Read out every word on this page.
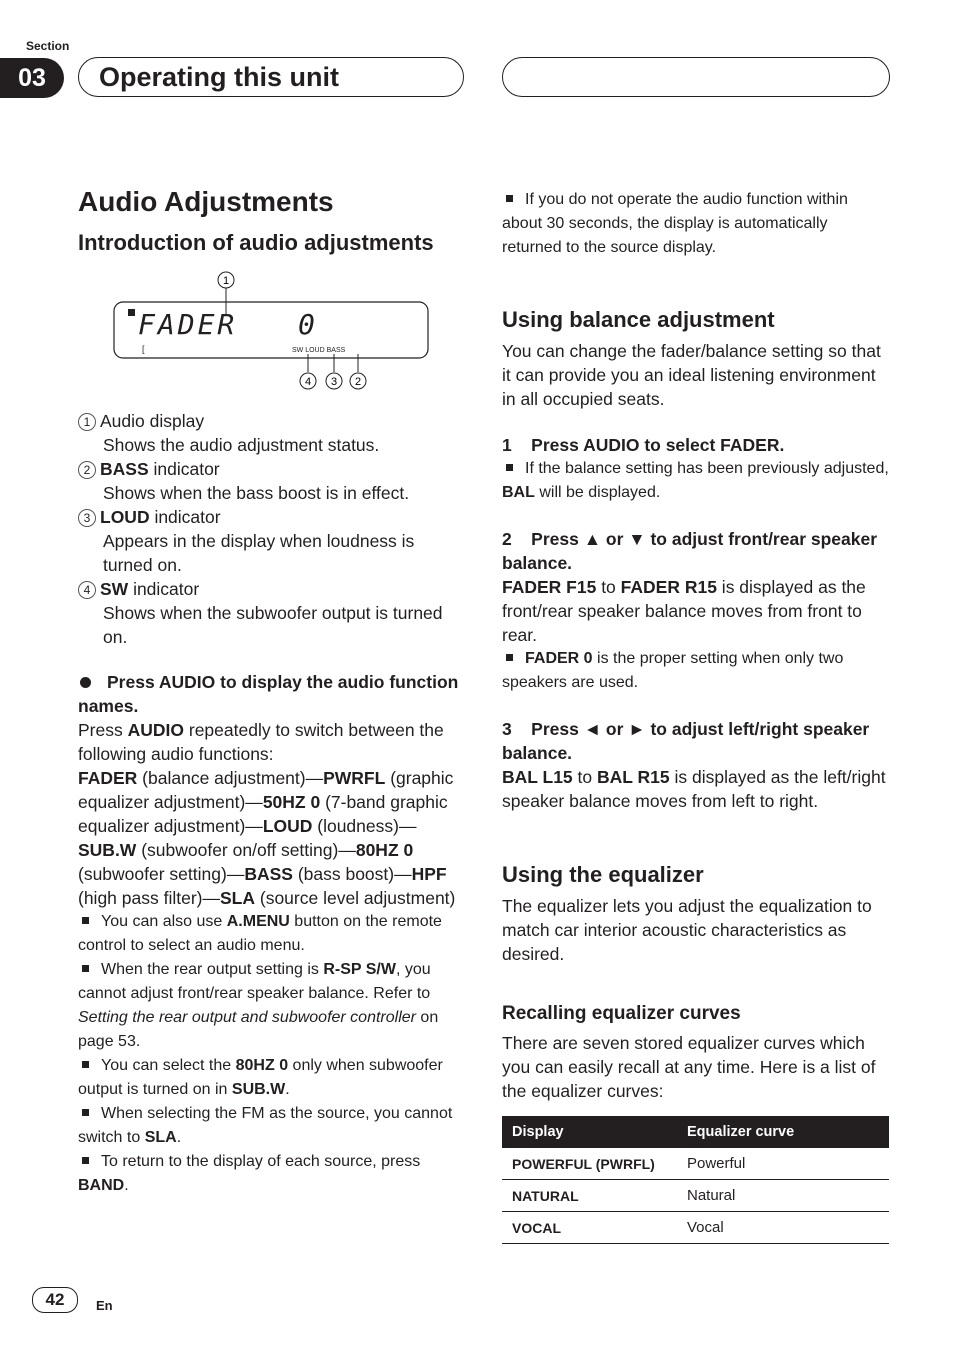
Section
03	Operating this unit
Audio Adjustments
Introduction of audio adjustments
1
FADER 0
[	SW LOUD BASS
4 3 2

1 Audio display

Shows the audio adjustment status.

2 BASS indicator

Shows when the bass boost is in effect.

3 LOUD indicator

Appears in the display when loudness is turned on.

4 SW indicator

Shows when the subwoofer output is turned on.

Press AUDIO to display the audio function names.

Press AUDIO repeatedly to switch between the following audio functions:

FADER (balance adjustment)—PWRFL (graphic equalizer adjustment)—50HZ 0 (7-band graphic equalizer adjustment)—LOUD (loudness)—SUB.W (subwoofer on/off setting)—80HZ 0 (subwoofer setting)—BASS (bass boost)—HPF (high pass filter)—SLA (source level adjustment)

You can also use A.MENU button on the remote control to select an audio menu.

When the rear output setting is R-SP S/W, you cannot adjust front/rear speaker balance. Refer to Setting the rear output and subwoofer controller on page 53.

You can select the 80HZ 0 only when subwoofer output is turned on in SUB.W.

When selecting the FM as the source, you cannot switch to SLA.

To return to the display of each source, press BAND.

If you do not operate the audio function within about 30 seconds, the display is automatically returned to the source display.

Using balance adjustment

You can change the fader/balance setting so that it can provide you an ideal listening environment in all occupied seats.

1    Press AUDIO to select FADER.

If the balance setting has been previously adjusted, BAL will be displayed.

2    Press ▲ or ▼ to adjust front/rear speaker balance.

FADER F15 to FADER R15 is displayed as the front/rear speaker balance moves from front to rear.

FADER 0 is the proper setting when only two speakers are used.

3    Press ◄ or ► to adjust left/right speaker balance.

BAL L15 to BAL R15 is displayed as the left/right speaker balance moves from left to right.

Using the equalizer
The equalizer lets you adjust the equalization to match car interior acoustic characteristics as desired.
Recalling equalizer curves
There are seven stored equalizer curves which you can easily recall at any time. Here is a list of the equalizer curves:
Display	Equalizer curve
POWERFUL (PWRFL)	Powerful
NATURAL	Natural
VOCAL	Vocal
42	En
